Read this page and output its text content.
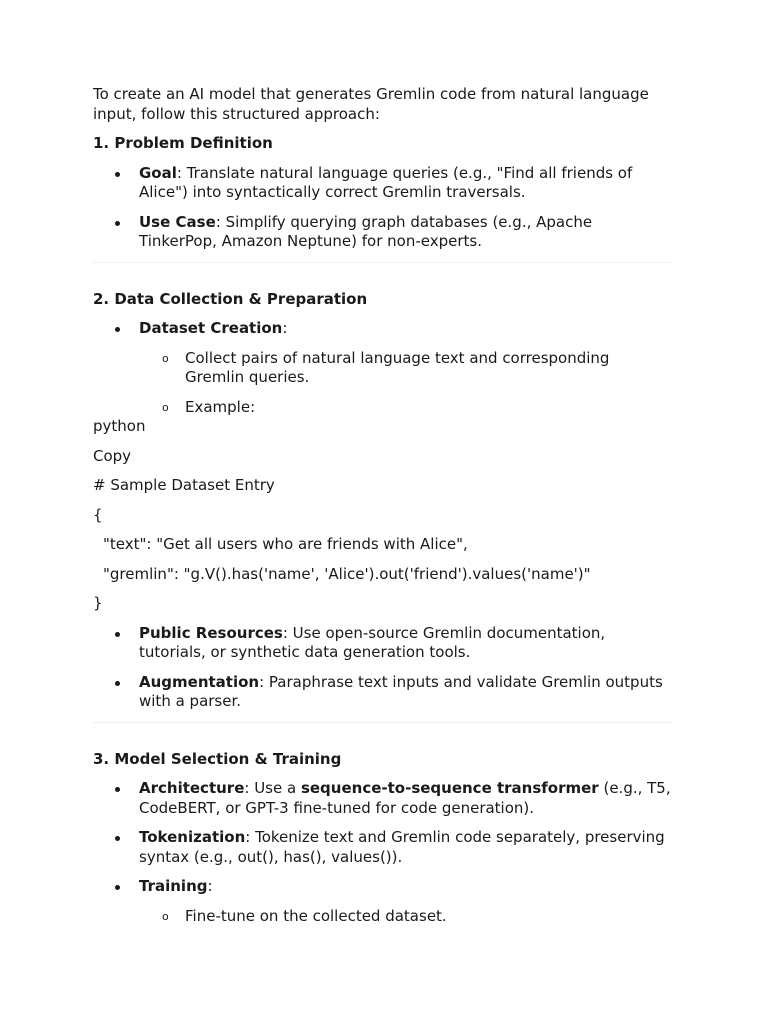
To create an AI model that generates Gremlin code from natural language input, follow this structured approach:

1. Problem Definition

Goal: Translate natural language queries (e.g., "Find all friends of Alice") into syntactically correct Gremlin traversals.
Use Case: Simplify querying graph databases (e.g., Apache TinkerPop, Amazon Neptune) for non-experts.

2. Data Collection & Preparation

Dataset Creation:
o Collect pairs of natural language text and corresponding Gremlin queries.
o Example:

python

Copy

# Sample Dataset Entry

{

"text": "Get all users who are friends with Alice",

"gremlin": "g.V().has('name', 'Alice').out('friend').values('name')"

}

Public Resources: Use open-source Gremlin documentation, tutorials, or synthetic data generation tools.
Augmentation: Paraphrase text inputs and validate Gremlin outputs with a parser.

3. Model Selection & Training

Architecture: Use a sequence-to-sequence transformer (e.g., T5, CodeBERT, or GPT-3 fine-tuned for code generation).
Tokenization: Tokenize text and Gremlin code separately, preserving syntax (e.g., out(), has(), values()).
Training:
o Fine-tune on the collected dataset.
